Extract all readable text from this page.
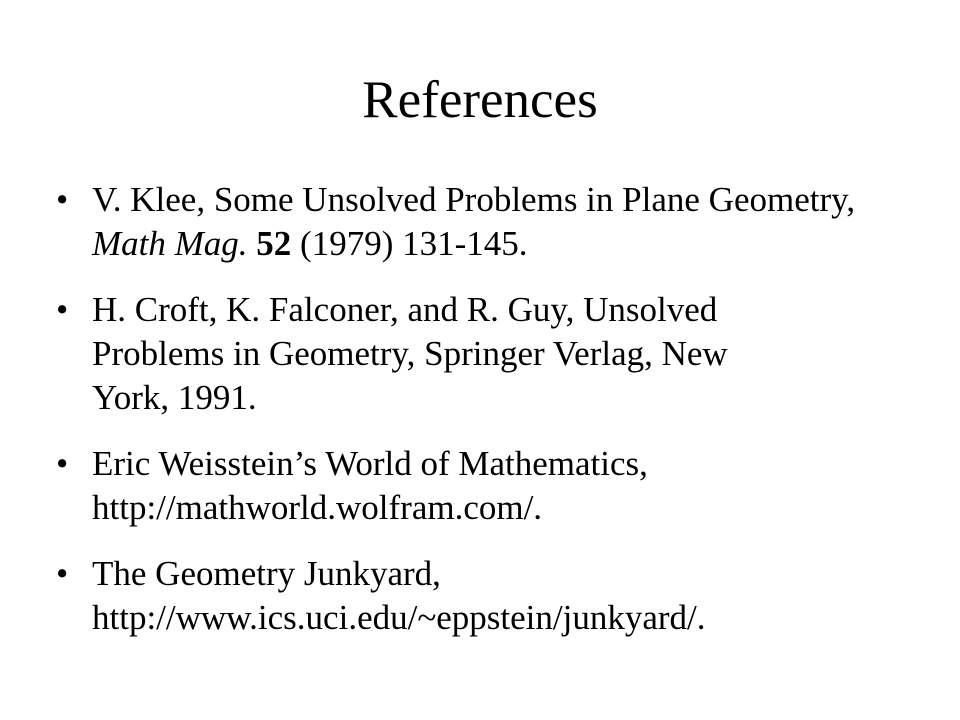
References
• V. Klee, Some Unsolved Problems in Plane Geometry, Math Mag. 52 (1979) 131-145.
• H. Croft, K. Falconer, and R. Guy, Unsolved
Problems in Geometry, Springer Verlag, New
York, 1991.
• Eric Weisstein’s World of Mathematics,
http://mathworld.wolfram.com/.
• The Geometry Junkyard,
http://www.ics.uci.edu/~eppstein/junkyard/.
